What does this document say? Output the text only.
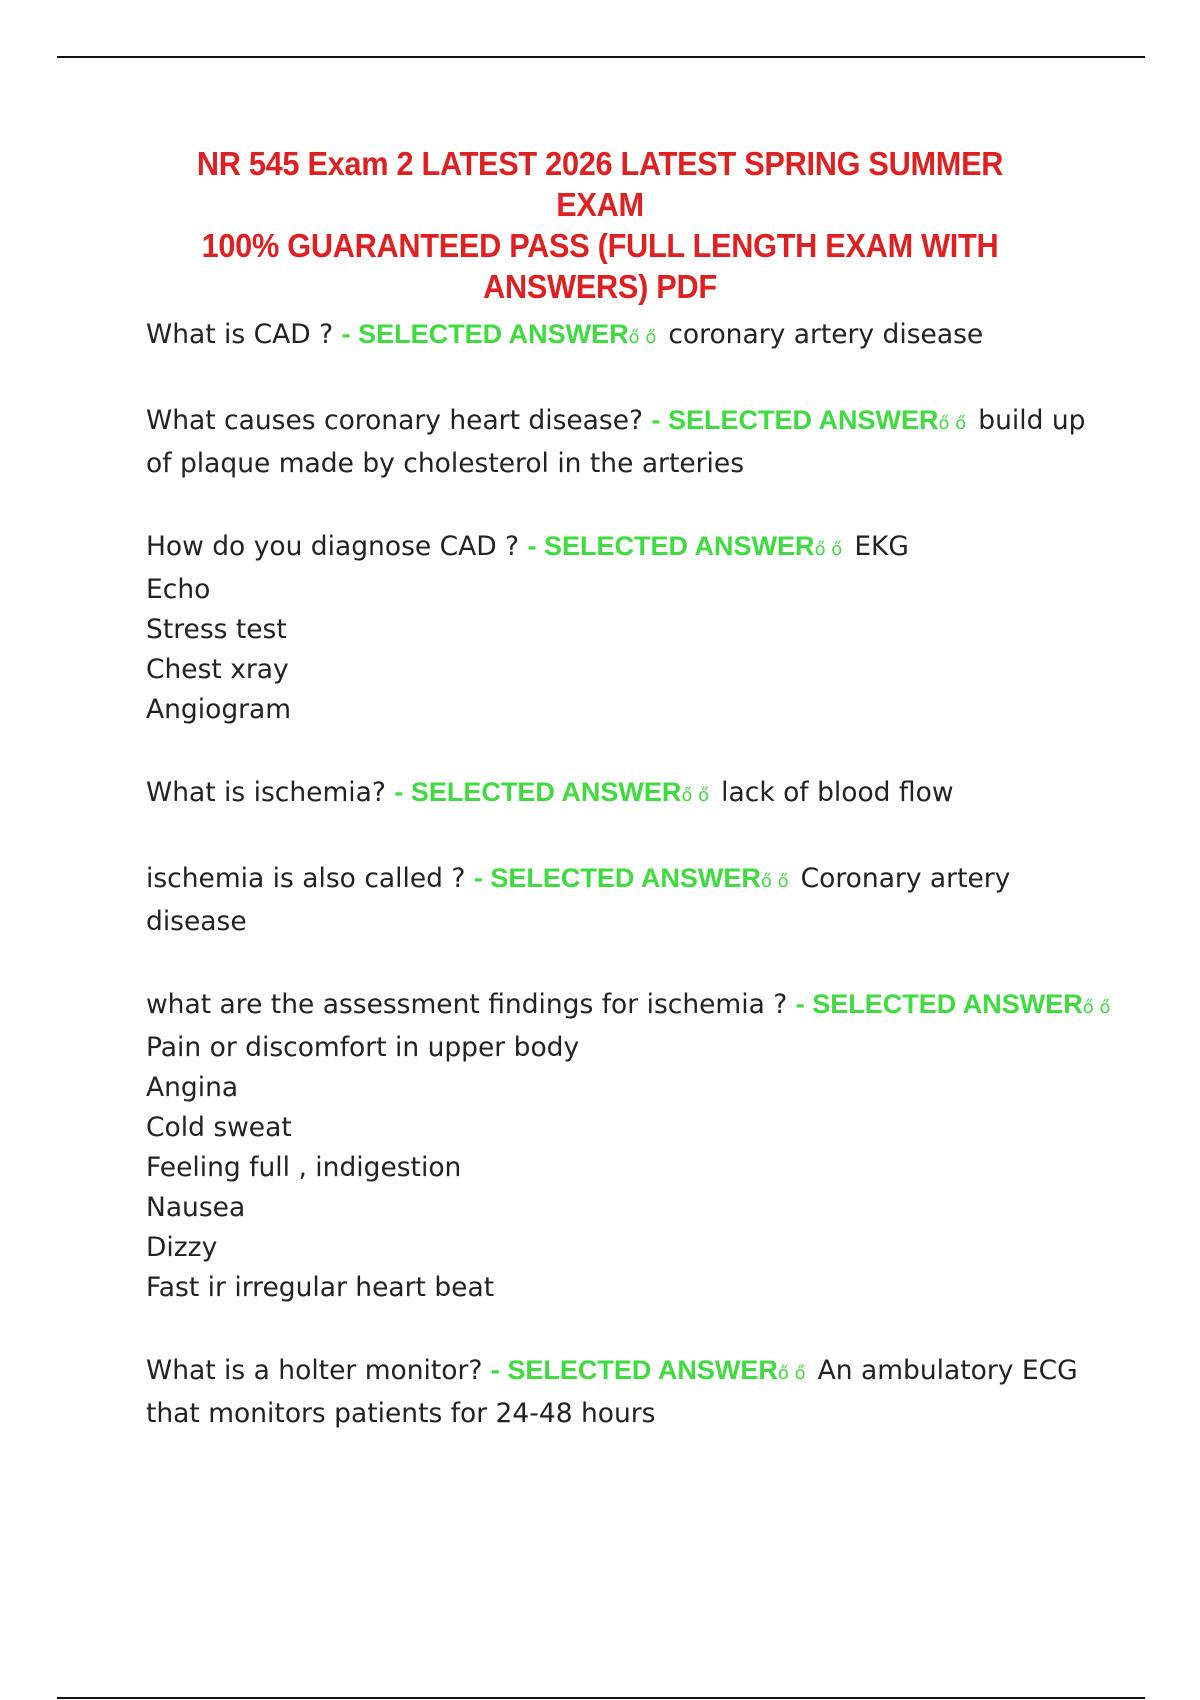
NR 545 Exam 2 LATEST 2026 LATEST SPRING SUMMER EXAM
100% GUARANTEED PASS (FULL LENGTH EXAM WITH
ANSWERS) PDF
What is CAD ? - SELECTED ANSWERő ő coronary artery disease
What causes coronary heart disease? - SELECTED ANSWERő ő build up
of plaque made by cholesterol in the arteries
How do you diagnose CAD ? - SELECTED ANSWERő ő EKG
Echo
Stress test
Chest xray
Angiogram
What is ischemia? - SELECTED ANSWERő ő lack of blood flow
ischemia is also called ? - SELECTED ANSWERő ő Coronary artery
disease
what are the assessment findings for ischemia ? - SELECTED ANSWERő ő
Pain or discomfort in upper body
Angina
Cold sweat
Feeling full , indigestion
Nausea
Dizzy
Fast ir irregular heart beat
What is a holter monitor? - SELECTED ANSWERő ő An ambulatory ECG
that monitors patients for 24-48 hours
